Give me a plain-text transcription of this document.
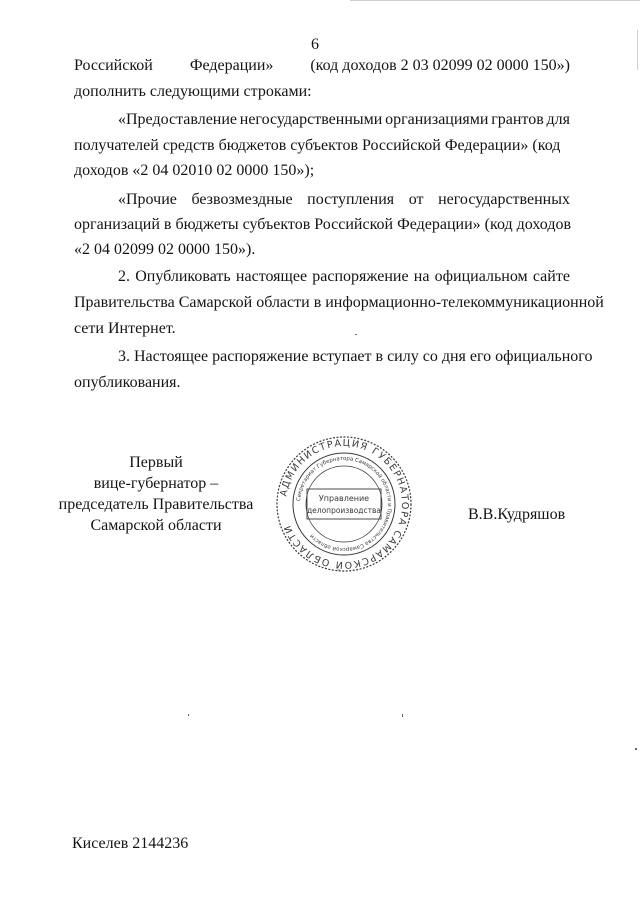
6
Российской Федерации» (код доходов 2 03 02099 02 0000 150»)
дополнить следующими строками:
«Предоставление негосударственными организациями грантов для
получателей средств бюджетов субъектов Российской Федерации» (код
доходов «2 04 02010 02 0000 150»);
«Прочие безвозмездные поступления от негосударственных
организаций в бюджеты субъектов Российской Федерации» (код доходов
«2 04 02099 02 0000 150»).
2. Опубликовать настоящее распоряжение на официальном сайте
Правительства Самарской области в информационно-телекоммуникационной
сети Интернет.
3. Настоящее распоряжение вступает в силу со дня его официального
опубликования.
Первый
вице-губернатор –
председатель Правительства
Самарской области
АДМИНИСТРАЦИЯ ГУБЕРНАТОРА САМАРСКОЙ ОБЛАСТИ
Секретариат Губернатора Самарской области и Правительства Самарской области
Управление
делопроизводства	В.В.Кудряшов
Киселев 2144236
